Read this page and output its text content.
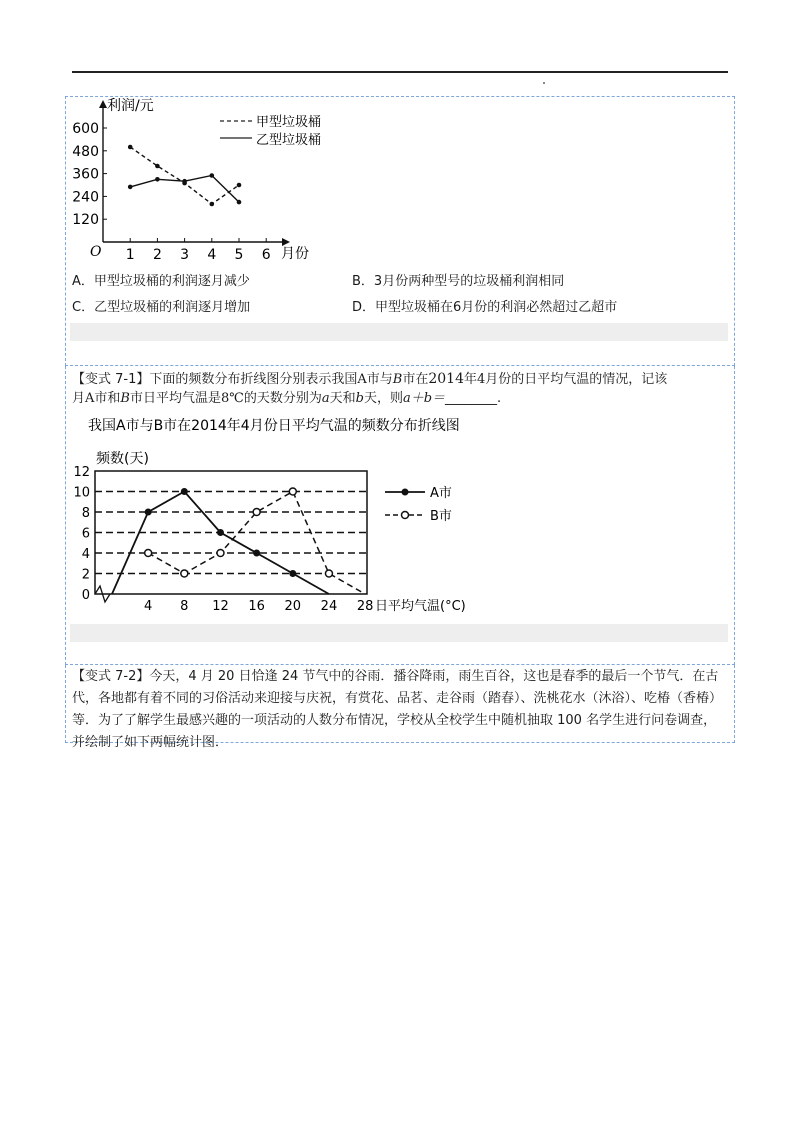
利润/元
O	月份
甲型垃圾桶
乙型垃圾桶
120
240
360
480
600
1 2 3 4 5 6
A．甲型垃圾桶的利润逐月减少	B．3月份两种型号的垃圾桶利润相同
C．乙型垃圾桶的利润逐月增加	D．甲型垃圾桶在6月份的利润必然超过乙超市
【变式 7-1】下面的频数分布折线图分别表示我国A市与B市在2014年4月份的日平均气温的情况，记该
月A市和B市日平均气温是8℃的天数分别为a天和b天，则a＋b＝________.
我国A市与B市在2014年4月份日平均气温的频数分布折线图
频数(天)
日平均气温(°C)
A市
B市
0
2
4
6
8
10
12
4 8 12 16 20 24 28
【变式 7-2】今天，4 月 20 日恰逢 24 节气中的谷雨．播谷降雨，雨生百谷，这也是春季的最后一个节气．在古代，各地都有着不同的习俗活动来迎接与庆祝，有赏花、品茗、走谷雨（踏春）、洗桃花水（沐浴）、吃椿（香椿）等．为了了解学生最感兴趣的一项活动的人数分布情况，学校从全校学生中随机抽取 100 名学生进行问卷调查，并绘制了如下两幅统计图．
